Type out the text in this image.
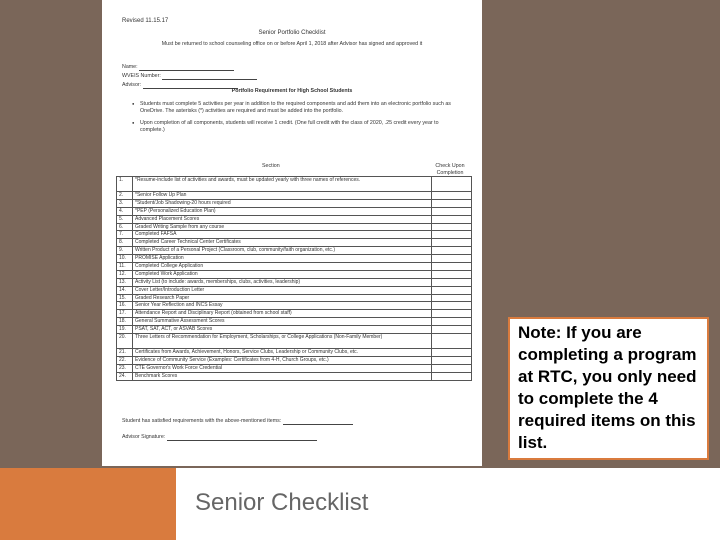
Senior Checklist
Revised 11.15.17
Senior Portfolio Checklist
Must be returned to school counseling office on or before April 1, 2018 after Advisor has signed and approved it
Name:
WVEIS Number:
Advisor:
Portfolio Requirement for High School Students
● Students must complete 5 activities per year in addition to the required components and add them into an electronic portfolio such as OneDrive. The asterisks (*) activities are required and must be added into the portfolio.
● Upon completion of all components, students will receive 1 credit. (One full credit with the class of 2020, .25 credit every year to complete.)
Section	Check Upon Completion
1.	*Resume-include list of activities and awards, must be updated yearly with three names of references.	
2.	*Senior Follow Up Plan	
3.	*Student/Job Shadowing-20 hours required	
4.	*PEP (Personalized Education Plan)	
5.	Advanced Placement Scores	
6.	Graded Writing Sample from any course	
7.	Completed FAFSA	
8.	Completed Career Technical Center Certificates	
9.	Written Product of a Personal Project (Classroom, club, community/faith organization, etc.)	
10.	PROMISE Application	
11.	Completed College Application	
12.	Completed Work Application	
13.	Activity List (to include: awards, memberships, clubs, activities, leadership)	
14.	Cover Letter/Introduction Letter	
15.	Graded Research Paper	
16.	Senior Year Reflection and INCS Essay	
17.	Attendance Report and Disciplinary Report (obtained from school staff)	
18.	General Summative Assessment Scores	
19.	PSAT, SAT, ACT, or ASVAB Scores	
20.	Three Letters of Recommendation for Employment, Scholarships, or College Applications (Non-Family Member)	
21.	Certificates from Awards, Achievement, Honors, Service Clubs, Leadership or Community Clubs, etc.	
22.	Evidence of Community Service (Examples: Certificates from 4-H, Church Groups, etc.)	
23.	CTE Governor's Work Force Credential	
24.	Benchmark Scores	
Student has satisfied requirements with the above-mentioned items:
Advisor Signature:
Note: If you are completing a program at RTC, you only need to complete the 4 required items on this list.
